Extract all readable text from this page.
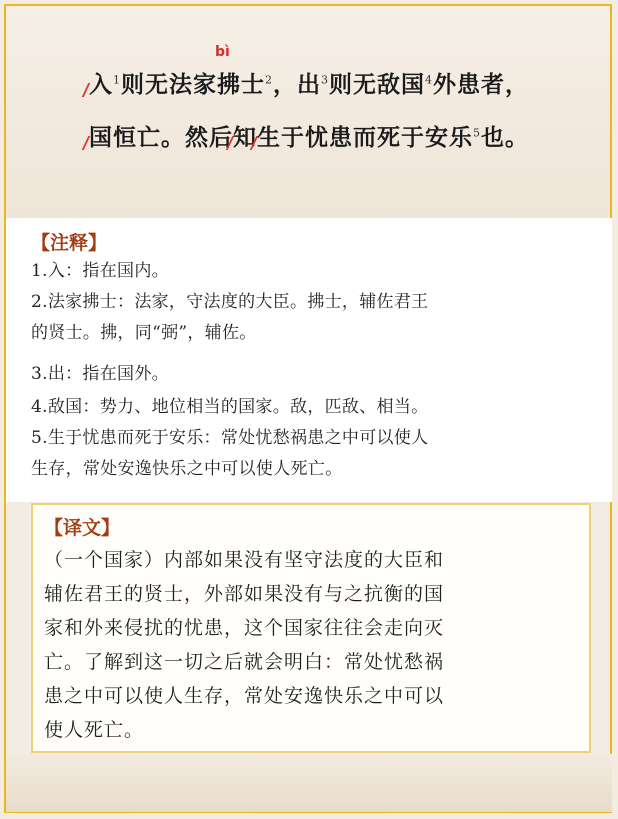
bì
入$^1$则无法家拂士$^2$，出$^3$则无敌国$^4$外患者，
国恒亡。然后知生于忧患而死于安乐$^5$也。
【注释】
1.入：指在国内。
2.法家拂士：法家，守法度的大臣。拂士，辅佐君王
的贤士。拂，同“弼”，辅佐。
3.出：指在国外。
4.敌国：势力、地位相当的国家。敌，匹敌、相当。
5.生于忧患而死于安乐：常处忧愁祸患之中可以使人
生存，常处安逸快乐之中可以使人死亡。
【译文】
（一个国家）内部如果没有坚守法度的大臣和
辅佐君王的贤士，外部如果没有与之抗衡的国
家和外来侵扰的忧患，这个国家往往会走向灭
亡。了解到这一切之后就会明白：常处忧愁祸
患之中可以使人生存，常处安逸快乐之中可以
使人死亡。
